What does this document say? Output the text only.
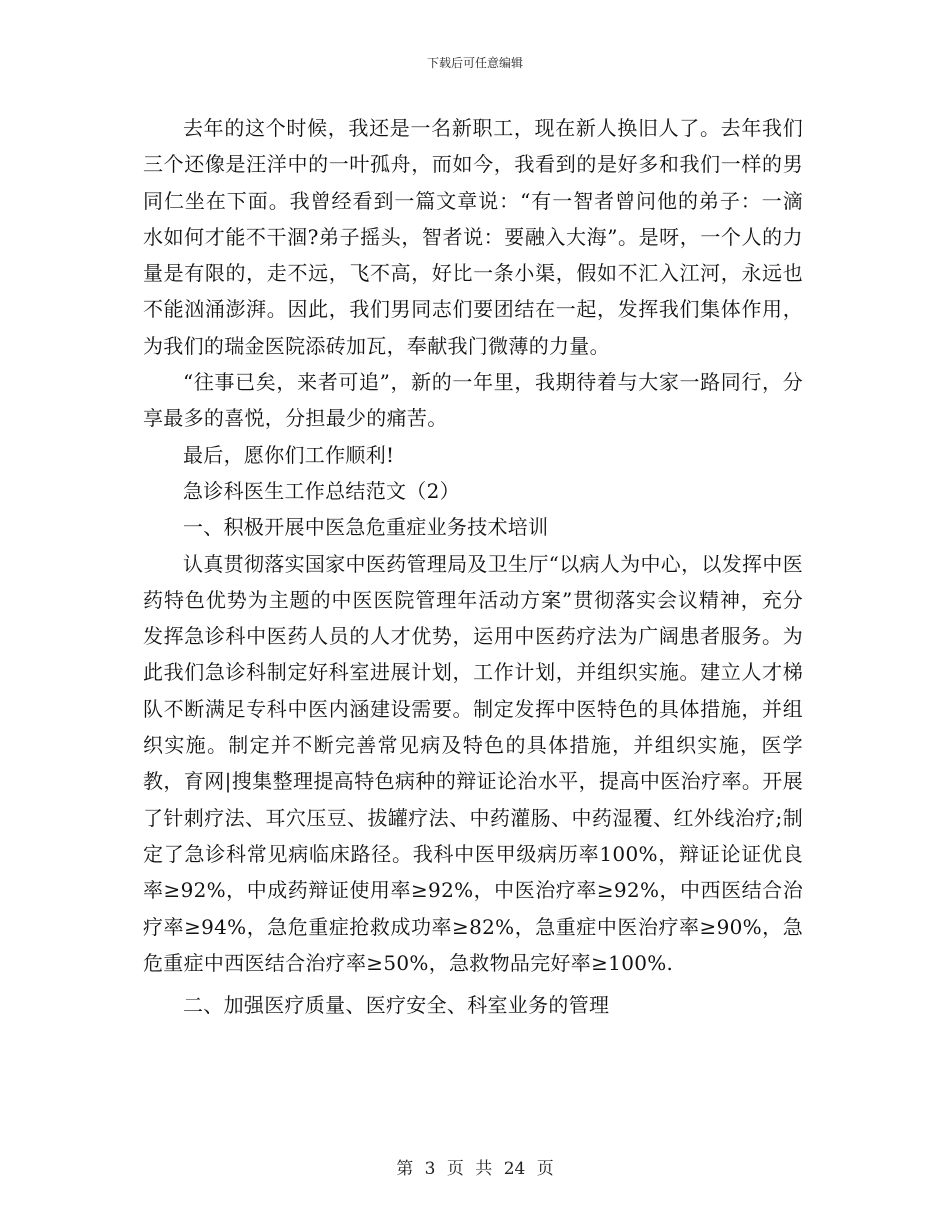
下载后可任意编辑

去年的这个时候，我还是一名新职工，现在新人换旧人了。去年我们三个还像是汪洋中的一叶孤舟，而如今，我看到的是好多和我们一样的男同仁坐在下面。我曾经看到一篇文章说：“有一智者曾问他的弟子：一滴水如何才能不干涸?弟子摇头，智者说：要融入大海”。是呀，一个人的力量是有限的，走不远，飞不高，好比一条小渠，假如不汇入江河，永远也不能汹涌澎湃。因此，我们男同志们要团结在一起，发挥我们集体作用，为我们的瑞金医院添砖加瓦，奉献我门微薄的力量。

“往事已矣，来者可追”，新的一年里，我期待着与大家一路同行，分享最多的喜悦，分担最少的痛苦。

最后，愿你们工作顺利!

急诊科医生工作总结范文（2）

一、积极开展中医急危重症业务技术培训

认真贯彻落实国家中医药管理局及卫生厅“以病人为中心，以发挥中医药特色优势为主题的中医医院管理年活动方案”贯彻落实会议精神，充分发挥急诊科中医药人员的人才优势，运用中医药疗法为广阔患者服务。为此我们急诊科制定好科室进展计划，工作计划，并组织实施。建立人才梯队不断满足专科中医内涵建设需要。制定发挥中医特色的具体措施，并组织实施。制定并不断完善常见病及特色的具体措施，并组织实施，医学教，育网|搜集整理提高特色病种的辩证论治水平，提高中医治疗率。开展了针刺疗法、耳穴压豆、拔罐疗法、中药灌肠、中药湿覆、红外线治疗;制定了急诊科常见病临床路径。我科中医甲级病历率100%，辩证论证优良率≥92%，中成药辩证使用率≥92%，中医治疗率≥92%，中西医结合治疗率≥94%，急危重症抢救成功率≥82%，急重症中医治疗率≥90%，急危重症中西医结合治疗率≥50%，急救物品完好率≥100%.

二、加强医疗质量、医疗安全、科室业务的管理

第 3 页 共 24 页
